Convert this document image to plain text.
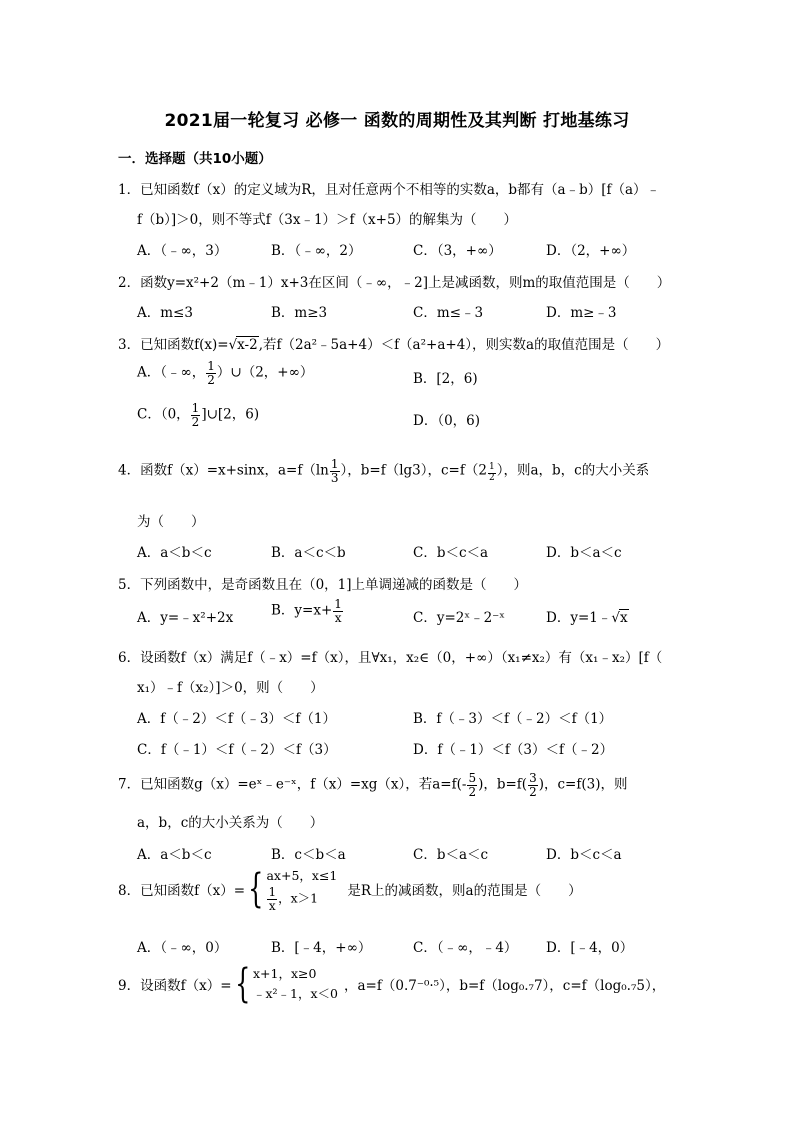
2021届一轮复习 必修一 函数的周期性及其判断 打地基练习
一．选择题（共10小题）
1．已知函数f（x）的定义域为R，且对任意两个不相等的实数a，b都有（a﹣b）[f（a）﹣
f（b）]＞0，则不等式f（3x﹣1）＞f（x+5）的解集为（　　）
A．（﹣∞，3）	B．（﹣∞，2）	C．（3，+∞）	D．（2，+∞）
2．函数y=x²+2（m﹣1）x+3在区间（﹣∞，﹣2]上是减函数，则m的取值范围是（　　）
A．m≤3	B．m≥3	C．m≤﹣3	D．m≥﹣3
3．已知函数f(x)=√x-2,若f（2a²﹣5a+4）＜f（a²+a+4），则实数a的取值范围是（　　）
A．（﹣∞， $\frac{1}{2}$ ）∪（2，+∞）	B．[2，6)
C．（0， $\frac{1}{2}$ ]∪[2，6)	D．（0，6)
4．函数f（x）=x+sinx，$a=f(\ln \frac{1}{3}$ ），b=f（lg3），$c=f(2 \frac{1}{2}$ ），则a，b，c的大小关系
为（　　）
A．a＜b＜c	B．a＜c＜b	C．b＜c＜a	D．b＜a＜c
5．下列函数中，是奇函数且在（0，1]上单调递减的函数是（　　）
A．y=﹣x²+2x	B．$y=x+ \frac{1}{x}$	C．y=2ˣ﹣2⁻ˣ	D．y=1﹣√x
6．设函数f（x）满足f（﹣x）=f（x），且∀x₁，x₂∈（0，+∞）（x₁≠x₂）有（x₁﹣x₂）[f（
x₁）﹣f（x₂）]＞0，则（　　）
A．f（﹣2）＜f（﹣3）＜f（1）	B．f（﹣3）＜f（﹣2）＜f（1）
C．f（﹣1）＜f（﹣2）＜f（3）	D．f（﹣1）＜f（3）＜f（﹣2）
7．已知函数g（x）=eˣ﹣e⁻ˣ，f（x）=xg（x），若$a=f(- \frac{5}{2}$ )，$b=f( \frac{3}{2}$ )，c=f(3)，则
a，b，c的大小关系为（　　）
A．a＜b＜c	B．c＜b＜a	C．b＜a＜c	D．b＜c＜a
8．已知函数f（x）={ ax+5，x≤1
$\frac{1}{x}$ ，x＞1	是R上的减函数，则a的范围是（　　）
A．（﹣∞，0）	B．[﹣4，+∞）	C．（﹣∞，﹣4） D．[﹣4，0）
9．设函数f（x）={ x+1，x≥0
﹣x²﹣1，x＜0 ，a=f（0.7⁻⁰·⁵），b=f（log₀.₇7），c=f（log₀.₇5），
